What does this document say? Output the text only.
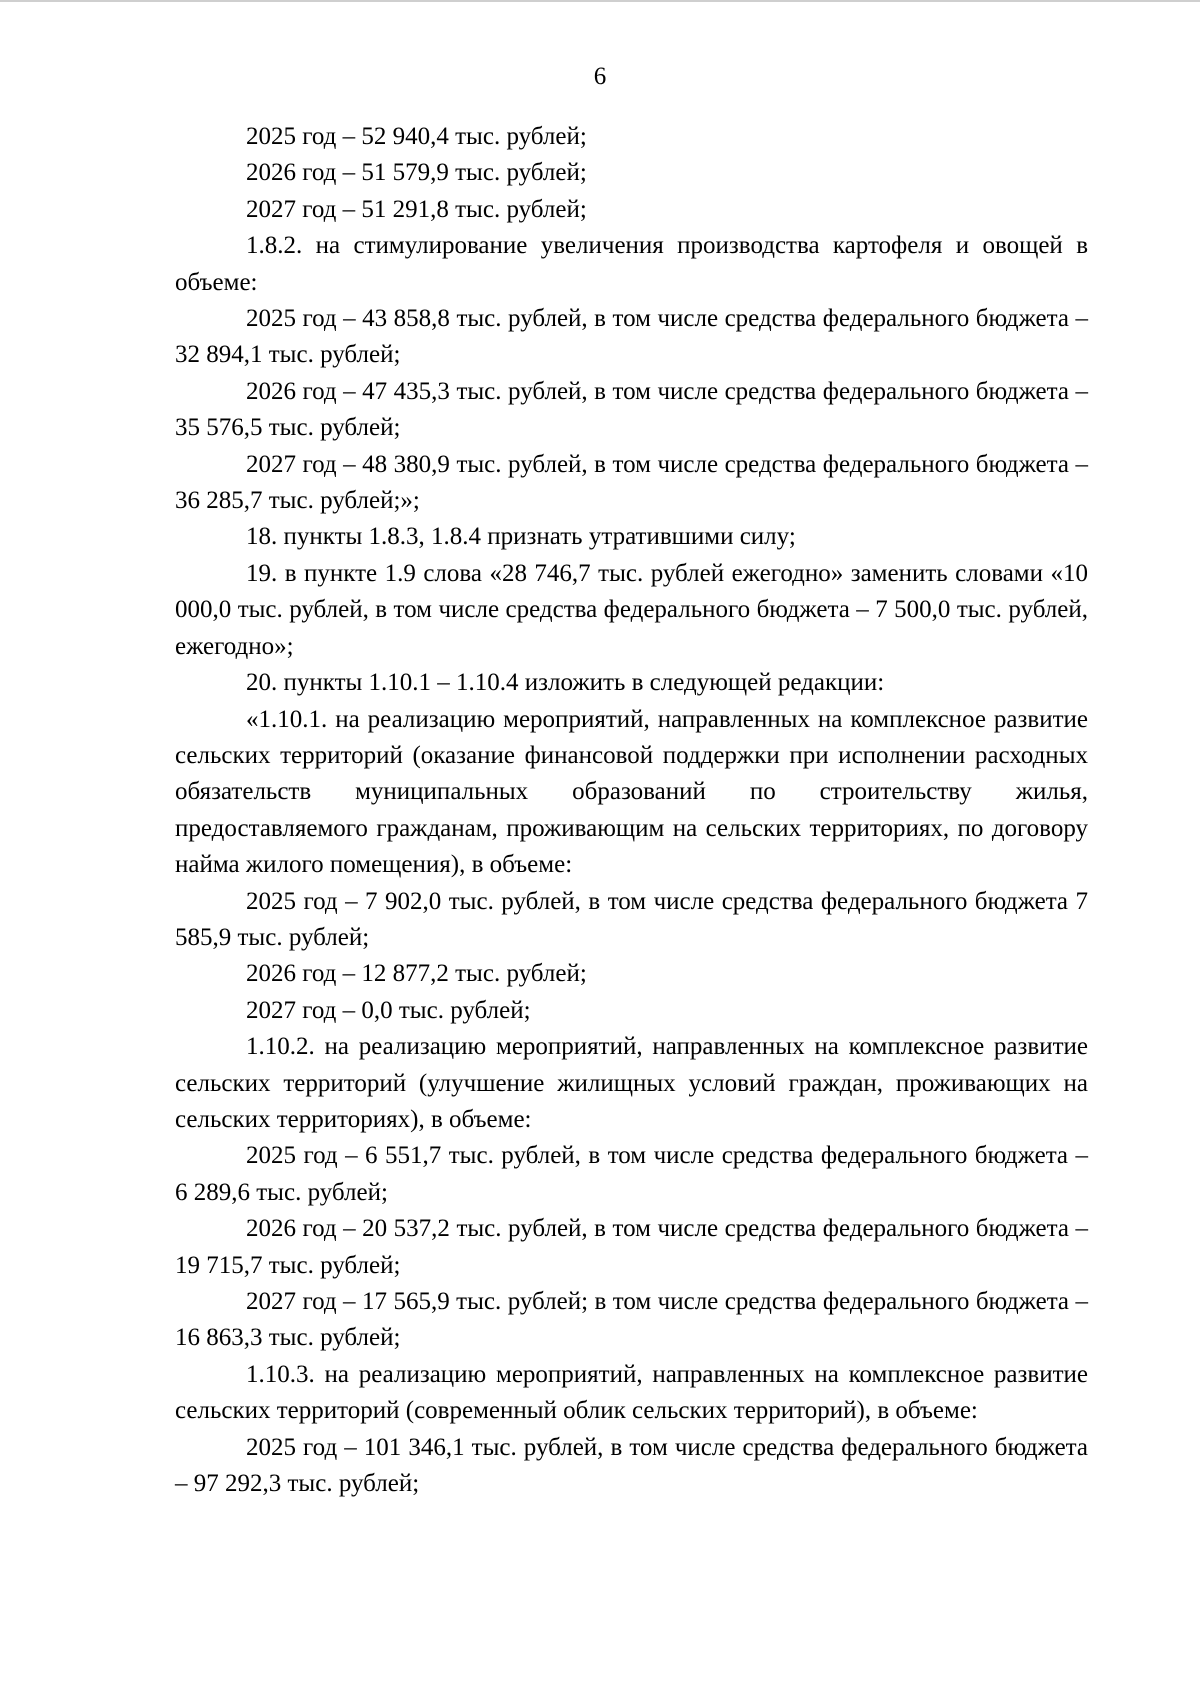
6

2025 год – 52 940,4 тыс. рублей;

2026 год – 51 579,9 тыс. рублей;

2027 год – 51 291,8 тыс. рублей;

1.8.2. на стимулирование увеличения производства картофеля и овощей в объеме:

2025 год – 43 858,8 тыс. рублей, в том числе средства федерального бюджета – 32 894,1 тыс. рублей;

2026 год – 47 435,3 тыс. рублей, в том числе средства федерального бюджета – 35 576,5 тыс. рублей;

2027 год – 48 380,9 тыс. рублей, в том числе средства федерального бюджета – 36 285,7 тыс. рублей;»;

18. пункты 1.8.3, 1.8.4 признать утратившими силу;

19. в пункте 1.9 слова «28 746,7 тыс. рублей ежегодно» заменить словами «10 000,0 тыс. рублей, в том числе средства федерального бюджета – 7 500,0 тыс. рублей, ежегодно»;

20. пункты 1.10.1 – 1.10.4 изложить в следующей редакции:

«1.10.1. на реализацию мероприятий, направленных на комплексное развитие сельских территорий (оказание финансовой поддержки при исполнении расходных обязательств муниципальных образований по строительству жилья, предоставляемого гражданам, проживающим на сельских территориях, по договору найма жилого помещения), в объеме:

2025 год – 7 902,0 тыс. рублей, в том числе средства федерального бюджета 7 585,9 тыс. рублей;

2026 год – 12 877,2 тыс. рублей;

2027 год – 0,0 тыс. рублей;

1.10.2. на реализацию мероприятий, направленных на комплексное развитие сельских территорий (улучшение жилищных условий граждан, проживающих на сельских территориях), в объеме:

2025 год – 6 551,7 тыс. рублей, в том числе средства федерального бюджета – 6 289,6 тыс. рублей;

2026 год – 20 537,2 тыс. рублей, в том числе средства федерального бюджета – 19 715,7 тыс. рублей;

2027 год – 17 565,9 тыс. рублей; в том числе средства федерального бюджета – 16 863,3 тыс. рублей;

1.10.3. на реализацию мероприятий, направленных на комплексное развитие сельских территорий (современный облик сельских территорий), в объеме:

2025 год – 101 346,1 тыс. рублей, в том числе средства федерального бюджета – 97 292,3 тыс. рублей;
